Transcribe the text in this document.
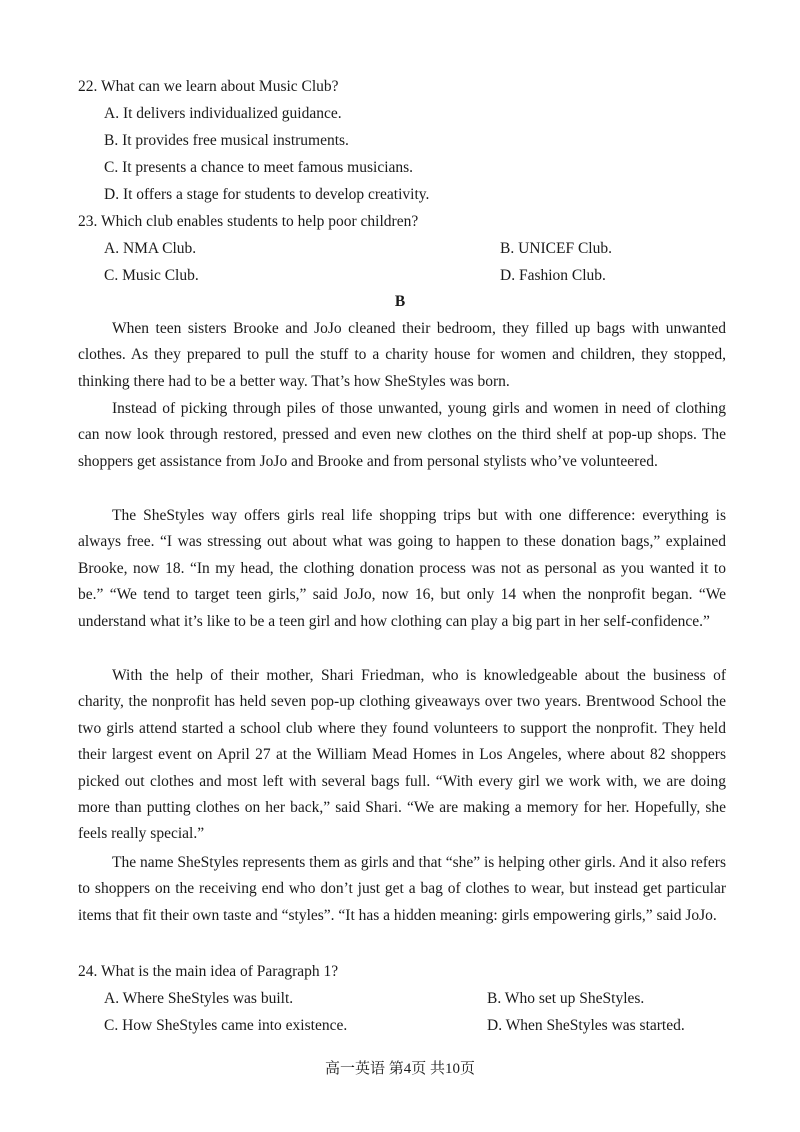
22. What can we learn about Music Club?
A. It delivers individualized guidance.
B. It provides free musical instruments.
C. It presents a chance to meet famous musicians.
D. It offers a stage for students to develop creativity.
23. Which club enables students to help poor children?
A. NMA Club.	B. UNICEF Club.
C. Music Club.	D. Fashion Club.
B
When teen sisters Brooke and JoJo cleaned their bedroom, they filled up bags with unwanted clothes. As they prepared to pull the stuff to a charity house for women and children, they stopped, thinking there had to be a better way. That’s how SheStyles was born.
Instead of picking through piles of those unwanted, young girls and women in need of clothing can now look through restored, pressed and even new clothes on the third shelf at pop-up shops. The shoppers get assistance from JoJo and Brooke and from personal stylists who’ve volunteered.
The SheStyles way offers girls real life shopping trips but with one difference: everything is always free. “I was stressing out about what was going to happen to these donation bags,” explained Brooke, now 18. “In my head, the clothing donation process was not as personal as you wanted it to be.” “We tend to target teen girls,” said JoJo, now 16, but only 14 when the nonprofit began. “We understand what it’s like to be a teen girl and how clothing can play a big part in her self-confidence.”
With the help of their mother, Shari Friedman, who is knowledgeable about the business of charity, the nonprofit has held seven pop-up clothing giveaways over two years. Brentwood School the two girls attend started a school club where they found volunteers to support the nonprofit. They held their largest event on April 27 at the William Mead Homes in Los Angeles, where about 82 shoppers picked out clothes and most left with several bags full. “With every girl we work with, we are doing more than putting clothes on her back,” said Shari. “We are making a memory for her. Hopefully, she feels really special.”
The name SheStyles represents them as girls and that “she” is helping other girls. And it also refers to shoppers on the receiving end who don’t just get a bag of clothes to wear, but instead get particular items that fit their own taste and “styles”. “It has a hidden meaning: girls empowering girls,” said JoJo.
24. What is the main idea of Paragraph 1?
A. Where SheStyles was built.	B. Who set up SheStyles.
C. How SheStyles came into existence.	D. When SheStyles was started.
高一英语 第4页 共10页
